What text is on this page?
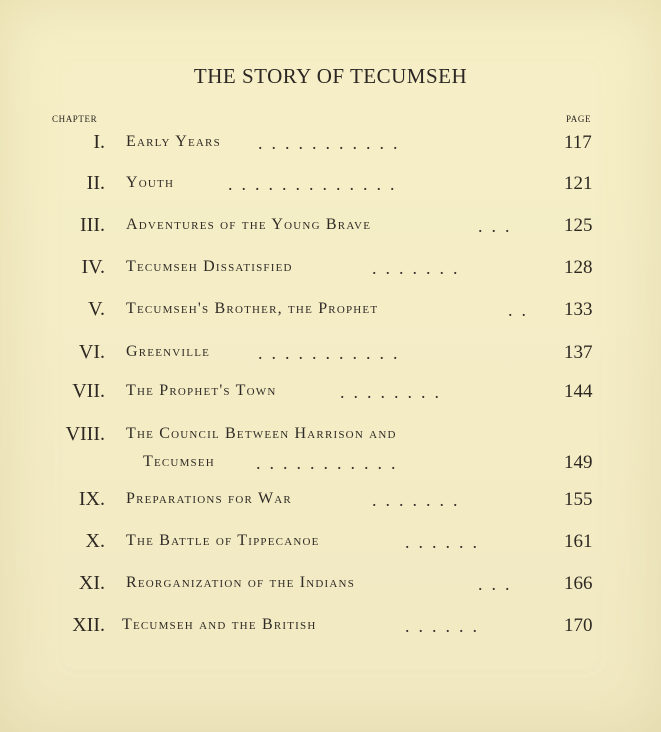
THE STORY OF TECUMSEH
CHAPTER	PAGE
I. Early Years ...........	117
II. Youth	.............	121
III. Adventures of the Young Brave	... 125
IV. Tecumseh Dissatisfied	.......	128
V. Tecumseh's Brother, the Prophet	.. 133
VI. Greenville	...........	137
VII. The Prophet's Town	........	144
VIII. The Council Between Harrison and
Tecumseh ...........	149
IX. Preparations for War	.......	155
X. The Battle of Tippecanoe	......	161
XI. Reorganization of the Indians	... 166
XII. Tecumseh and the British	......	170
